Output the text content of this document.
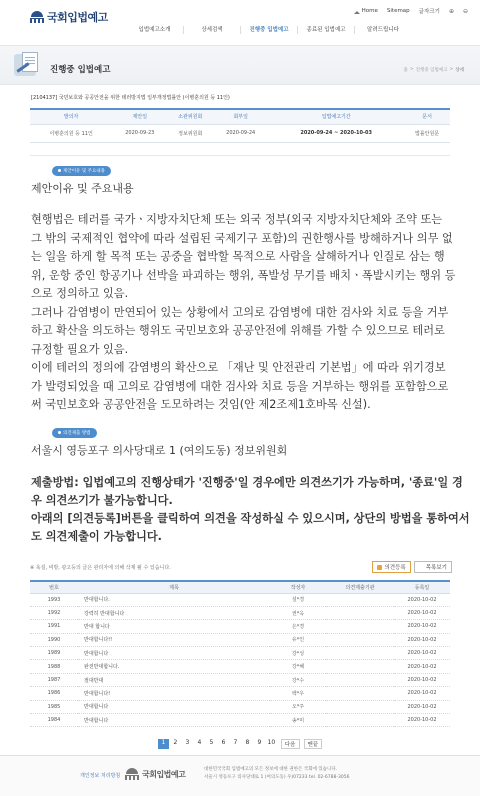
국회입법예고	Home Sitemap 글자크기 ⊕ ⊖
입법예고소개	상세검색	진행중 입법예고	종료된 입법예고	알려드립니다
진행중 입법예고	홈 > 진행중 입법예고 > 상세
[2104137] 국민보호와 공공안전을 위한 테러방지법 일부개정법률안 (이병훈의원 등 11인)
발의자	제안일	소관위원회	회부일	입법예고기간	문서
이병훈의원 등 11인	2020-09-23	정보위원회	2020-09-24	2020-09-24 ~ 2020-10-03	법률안원문
제안이유 및 주요내용
제안이유 및 주요내용
현행법은 테러를 국가ㆍ지방자치단체 또는 외국 정부(외국 지방자치단체와 조약 또는 그 밖의 국제적인 협약에 따라 설립된 국제기구 포함)의 권한행사를 방해하거나 의무 없는 일을 하게 할 목적 또는 공중을 협박할 목적으로 사람을 살해하거나 인질로 삼는 행위, 운항 중인 항공기나 선박을 파괴하는 행위, 폭발성 무기를 배치ㆍ폭발시키는 행위 등으로 정의하고 있음.
그러나 감염병이 만연되어 있는 상황에서 고의로 감염병에 대한 검사와 치료 등을 거부하고 확산을 의도하는 행위도 국민보호와 공공안전에 위해를 가할 수 있으므로 테러로 규정할 필요가 있음.
이에 테러의 정의에 감염병의 확산으로 「재난 및 안전관리 기본법」에 따라 위기경보가 발령되었을 때 고의로 감염병에 대한 검사와 치료 등을 거부하는 행위를 포함함으로써 국민보호와 공공안전을 도모하려는 것임(안 제2조제1호바목 신설).
의견제출 방법
서울시 영등포구 의사당대로 1 (여의도동) 정보위원회
제출방법: 입법예고의 진행상태가 '진행중'일 경우에만 의견쓰기가 가능하며, '종료'일 경우 의견쓰기가 불가능합니다.
아래의 [의견등록]버튼을 클릭하여 의견을 작성하실 수 있으시며, 상단의 방법을 통하여서도 의견제출이 가능합니다.
※ 욕설, 비방, 광고등의 글은 관리자에 의해 삭제 될 수 있습니다.	의견등록	목록보기
번호	제목	작성자	의견제출기관	등록일
1993	반대합니다.	설*경		2020-10-02
1992	강력히 반대합니다	권*옥		2020-10-02
1991	반대 합니다	은*경		2020-10-02
1990	반대합니다!!	유*인		2020-10-02
1989	반대합니다	강*성		2020-10-02
1988	완전반대합니다.	강*혜		2020-10-02
1987	절대반대	강*수		2020-10-02
1986	반대합니다!	백*우		2020-10-02
1985	반대합니다	오*주		2020-10-02
1984	반대합니다	송*미		2020-10-02
1	2	3	4	5	6	7	8	9	10	다음	맨끝
개인정보 처리방침	국회입법예고	대한민국국회 입법예고의 모든 정보에 대한 권한은 국회에 있습니다.
서울시 영등포구 의사당대로 1 (여의도동) 우)07233 tel. 02-6788-3056
